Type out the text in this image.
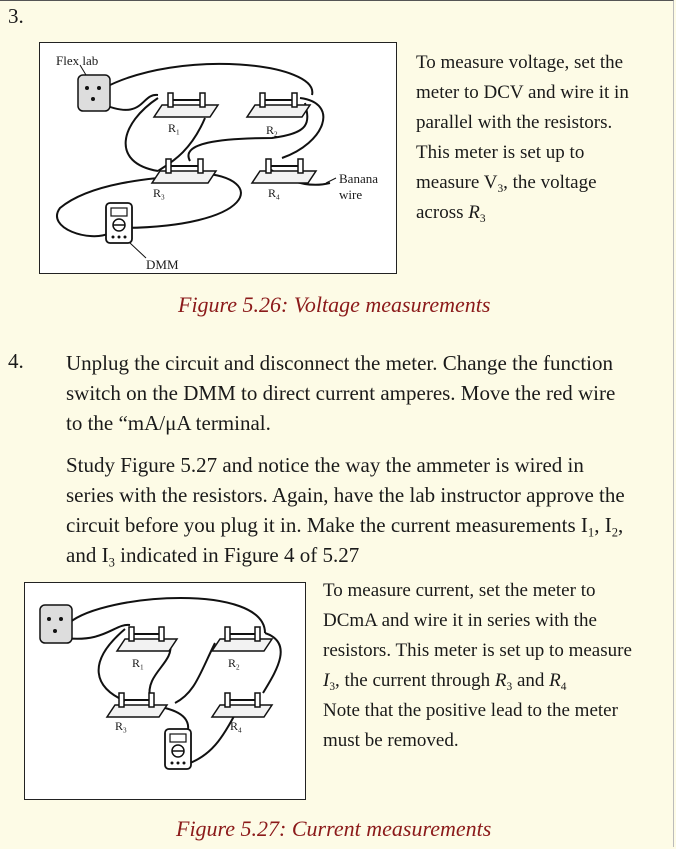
3.
Flex lab
$R_1$	$R_2$
$R_3$	$R_4$
Banana
wire
DMM
To measure voltage, set the
meter to DCV and wire it in
parallel with the resistors.
This meter is set up to
measure $V_3$, the voltage
across $R_3$
Figure 5.26: Voltage measurements
4. Unplug the circuit and disconnect the meter. Change the function
switch on the DMM to direct current amperes. Move the red wire
to the “mA/μA terminal.
Study Figure 5.27 and notice the way the ammeter is wired in
series with the resistors. Again, have the lab instructor approve the
circuit before you plug it in. Make the current measurements $I_1$, $I_2$,
and $I_3$ indicated in Figure 4 of 5.27
$R_1$	$R_2$
$R_3$	$R_4$
To measure current, set the meter to
DCmA and wire it in series with the
resistors. This meter is set up to measure
$I_3$, the current through $R_3$ and $R_4$
Note that the positive lead to the meter
must be removed.
Figure 5.27: Current measurements
